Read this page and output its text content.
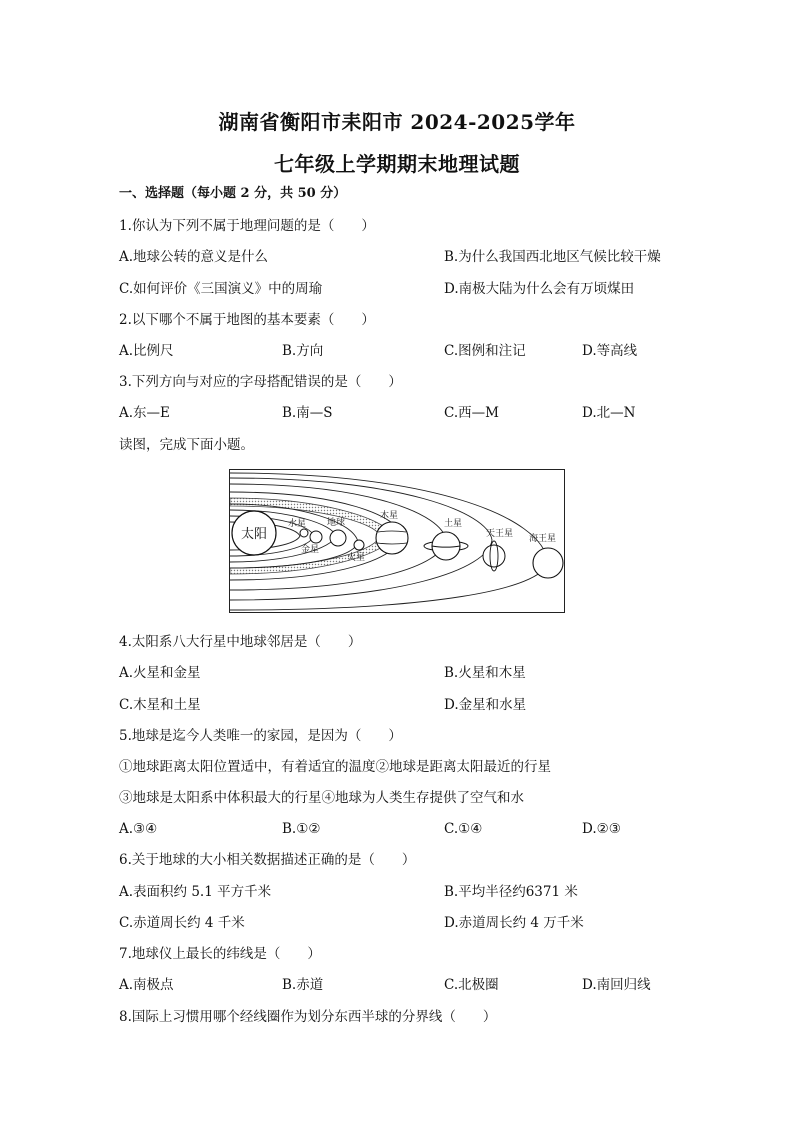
湖南省衡阳市耒阳市 2024-2025学年
七年级上学期期末地理试题
一、选择题（每小题 2 分，共 50 分）
1.你认为下列不属于地理问题的是（　　）
A.地球公转的意义是什么	B.为什么我国西北地区气候比较干燥
C.如何评价《三国演义》中的周瑜	D.南极大陆为什么会有万顷煤田
2.以下哪个不属于地图的基本要素（　　）
A.比例尺	B.方向	C.图例和注记	D.等高线
3.下列方向与对应的字母搭配错误的是（　　）
A.东—E	B.南—S	C.西—M	D.北—N
读图，完成下面小题。
太阳
水星
金星
地球
火星
木星
土星
天王星 海王星
4.太阳系八大行星中地球邻居是（　　）
A.火星和金星	B.火星和木星
C.木星和土星	D.金星和水星
5.地球是迄今人类唯一的家园，是因为（　　）
①地球距离太阳位置适中，有着适宜的温度②地球是距离太阳最近的行星
③地球是太阳系中体积最大的行星④地球为人类生存提供了空气和水
A.③④	B.①②	C.①④	D.②③
6.关于地球的大小相关数据描述正确的是（　　）
A.表面积约 5.1 平方千米	B.平均半径约6371 米
C.赤道周长约 4 千米	D.赤道周长约 4 万千米
7.地球仪上最长的纬线是（　　）
A.南极点	B.赤道	C.北极圈	D.南回归线
8.国际上习惯用哪个经线圈作为划分东西半球的分界线（　　）
